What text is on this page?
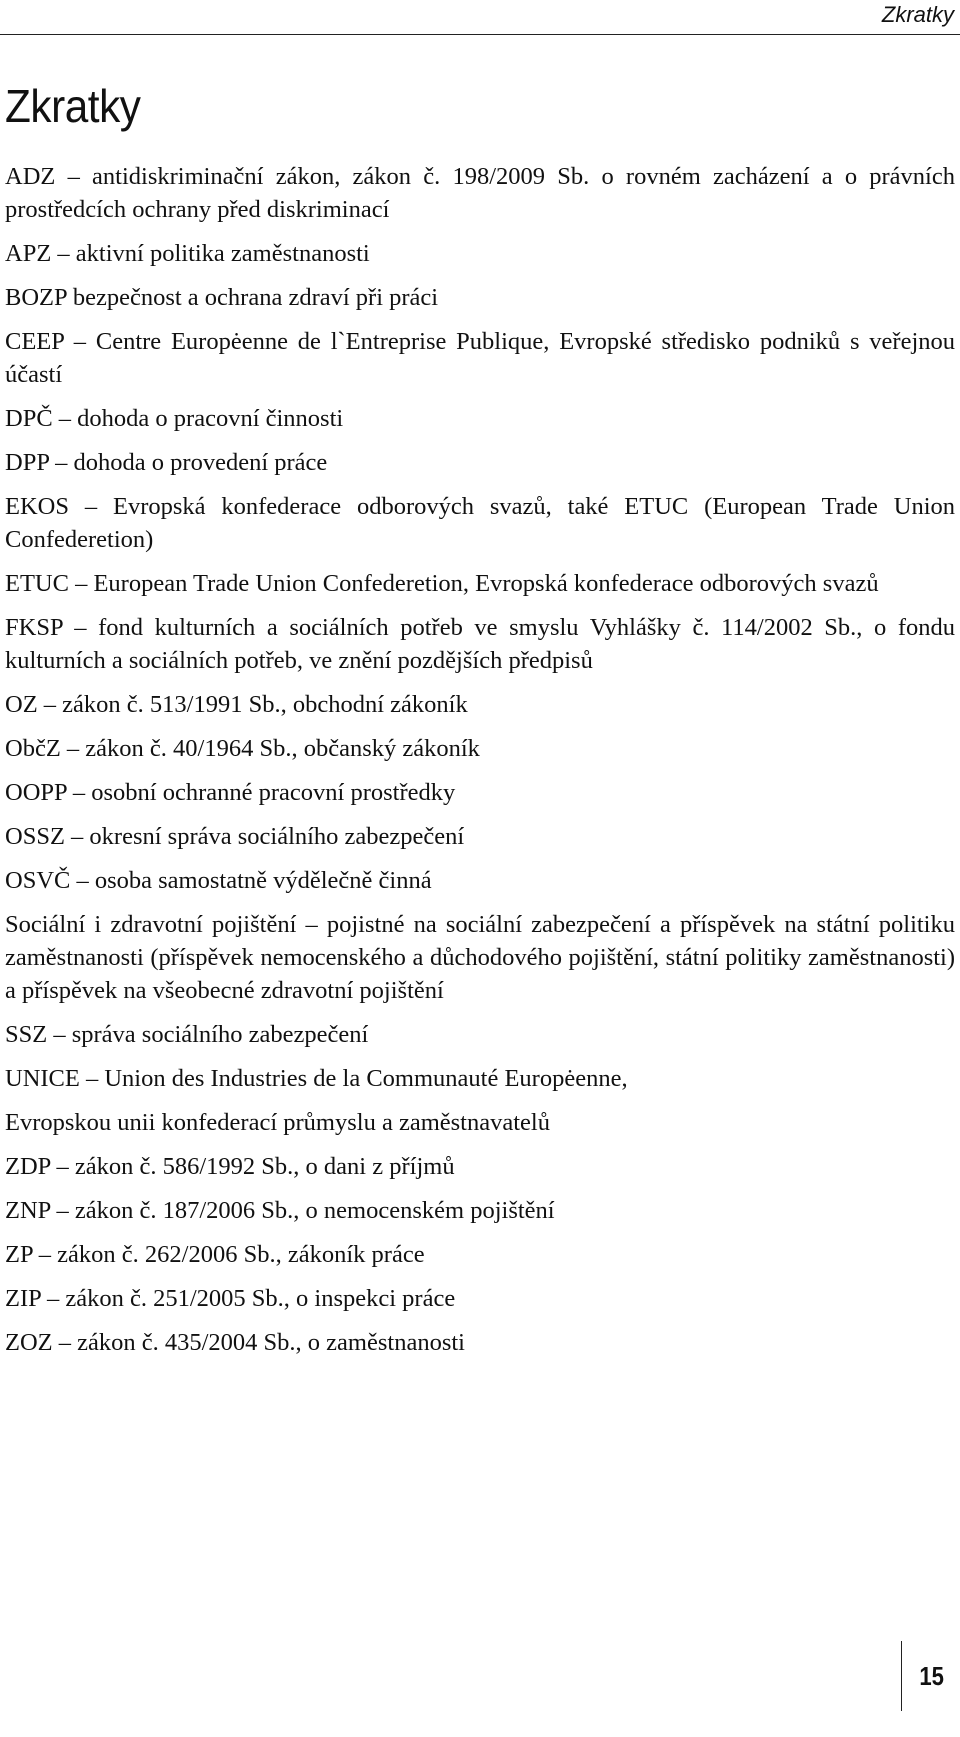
Zkratky
Zkratky

ADZ – antidiskriminační zákon, zákon č. 198/2009 Sb. o rovném zacházení a o právních prostředcích ochrany před diskriminací

APZ – aktivní politika zaměstnanosti

BOZP bezpečnost a ochrana zdraví při práci

CEEP – Centre Europėenne de l`Entreprise Publique, Evropské středisko podniků s veřejnou účastí

DPČ – dohoda o pracovní činnosti

DPP – dohoda o provedení práce

EKOS – Evropská konfederace odborových svazů, také ETUC (European Trade Union Confederetion)

ETUC – European Trade Union Confederetion, Evropská konfederace odborových svazů

FKSP – fond kulturních a sociálních potřeb ve smyslu Vyhlášky č. 114/2002 Sb., o fondu kulturních a sociálních potřeb, ve znění pozdějších předpisů

OZ – zákon č. 513/1991 Sb., obchodní zákoník

ObčZ – zákon č. 40/1964 Sb., občanský zákoník

OOPP – osobní ochranné pracovní prostředky

OSSZ – okresní správa sociálního zabezpečení

OSVČ – osoba samostatně výdělečně činná

Sociální i zdravotní pojištění – pojistné na sociální zabezpečení a příspěvek na státní politiku zaměstnanosti (příspěvek nemocenského a důchodového pojištění, státní politiky zaměstnanosti) a příspěvek na všeobecné zdravotní pojištění

SSZ – správa sociálního zabezpečení

UNICE – Union des Industries de la Communauté Europėenne,

Evropskou unii konfederací průmyslu a zaměstnavatelů

ZDP – zákon č. 586/1992 Sb., o dani z příjmů

ZNP – zákon č. 187/2006 Sb., o nemocenském pojištění

ZP – zákon č. 262/2006 Sb., zákoník práce

ZIP – zákon č. 251/2005 Sb., o inspekci práce

ZOZ – zákon č. 435/2004 Sb., o zaměstnanosti

15
